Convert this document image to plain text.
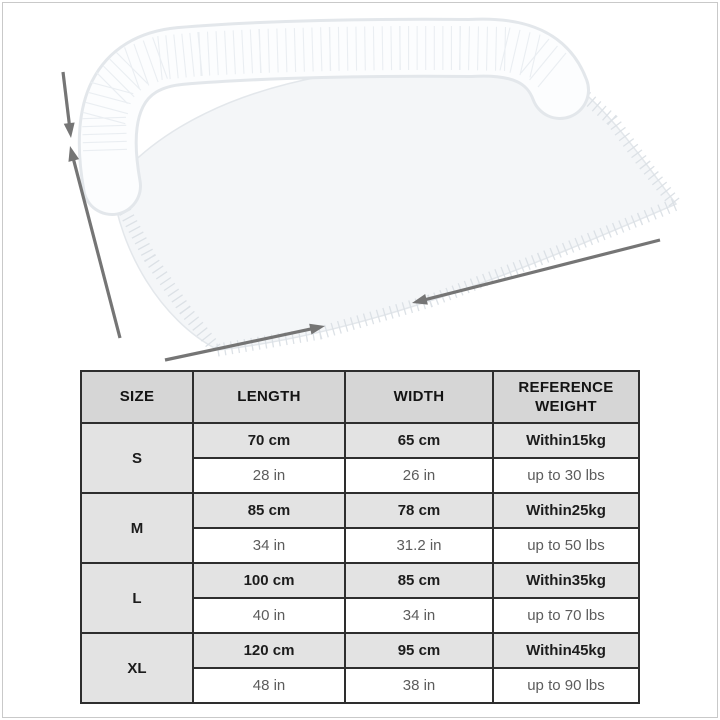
SIZE	LENGTH	WIDTH	REFERENCE WEIGHT
S	70 cm	65 cm	Within15kg
	28 in	26 in	up to 30 lbs
M	85 cm	78 cm	Within25kg
	34 in	31.2 in	up to 50 lbs
L	100 cm	85 cm	Within35kg
	40 in	34 in	up to 70 lbs
XL	120 cm	95 cm	Within45kg
	48 in	38 in	up to 90 lbs
